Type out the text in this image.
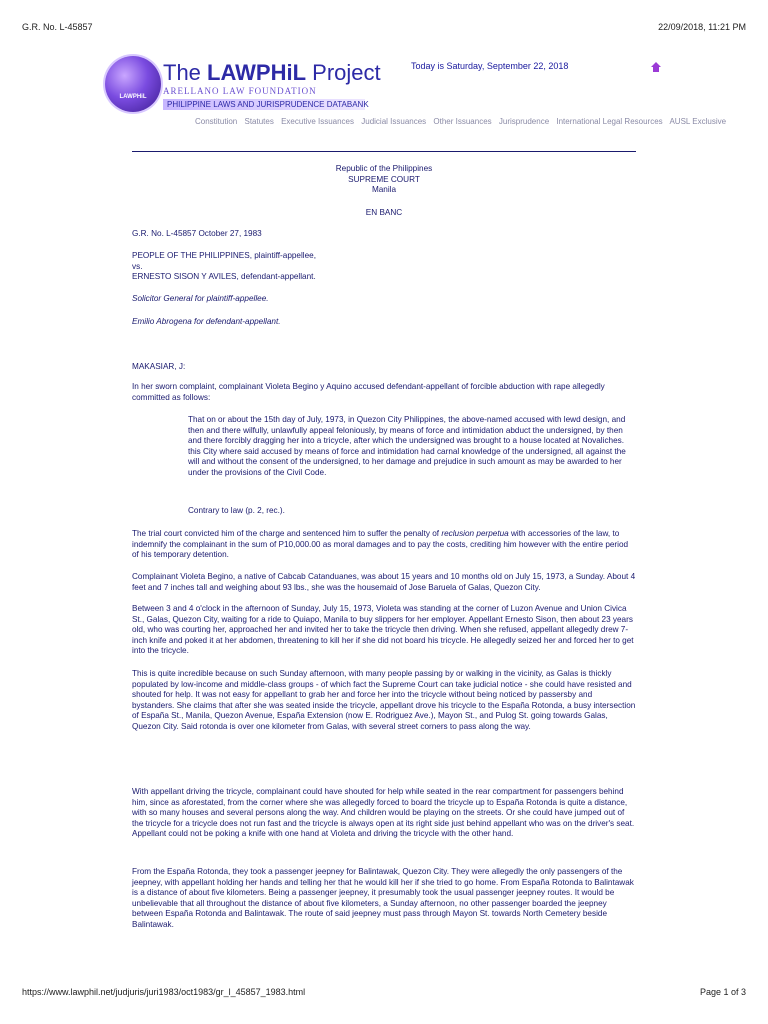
G.R. No. L-45857	22/09/2018, 11:21 PM
LAWPHiL
The LAWPHiL Project
ARELLANO LAW FOUNDATION
PHILIPPINE LAWS AND JURISPRUDENCE DATABANK
Today is Saturday, September 22, 2018
Constitution Statutes Executive Issuances Judicial Issuances Other Issuances Jurisprudence International Legal Resources AUSL Exclusive

Republic of the Philippines

SUPREME COURT

Manila

EN BANC

G.R. No. L-45857 October 27, 1983

PEOPLE OF THE PHILIPPINES, plaintiff-appellee,

vs.

ERNESTO SISON Y AVILES, defendant-appellant.

Solicitor General for plaintiff-appellee.

Emilio Abrogena for defendant-appellant.

MAKASIAR, J:

In her sworn complaint, complainant Violeta Begino y Aquino accused defendant-appellant of forcible abduction with rape allegedly committed as follows:

That on or about the 15th day of July, 1973, in Quezon City Philippines, the above-named accused with lewd design, and then and there wilfully, unlawfully appeal feloniously, by means of force and intimidation abduct the undersigned, by then and there forcibly dragging her into a tricycle, after which the undersigned was brought to a house located at Novaliches. this City where said accused by means of force and intimidation had carnal knowledge of the undersigned, all against the will and without the consent of the undersigned, to her damage and prejudice in such amount as may be awarded to her under the provisions of the Civil Code.

Contrary to law (p. 2, rec.).

The trial court convicted him of the charge and sentenced him to suffer the penalty of reclusion perpetua with accessories of the law, to indemnify the complainant in the sum of P10,000.00 as moral damages and to pay the costs, crediting him however with the entire period of his temporary detention.

Complainant Violeta Begino, a native of Cabcab Catanduanes, was about 15 years and 10 months old on July 15, 1973, a Sunday. About 4 feet and 7 inches tall and weighing about 93 lbs., she was the housemaid of Jose Baruela of Galas, Quezon City.

Between 3 and 4 o'clock in the afternoon of Sunday, July 15, 1973, Violeta was standing at the corner of Luzon Avenue and Union Civica St., Galas, Quezon City, waiting for a ride to Quiapo, Manila to buy slippers for her employer. Appellant Ernesto Sison, then about 23 years old, who was courting her, approached her and invited her to take the tricycle then driving. When she refused, appellant allegedly drew 7-inch knife and poked it at her abdomen, threatening to kill her if she did not board his tricycle. He allegedly seized her and forced her to get into the tricycle.

This is quite incredible because on such Sunday afternoon, with many people passing by or walking in the vicinity, as Galas is thickly populated by low-income and middle-class groups - of which fact the Supreme Court can take judicial notice - she could have resisted and shouted for help. It was not easy for appellant to grab her and force her into the tricycle without being noticed by passersby and bystanders. She claims that after she was seated inside the tricycle, appellant drove his tricycle to the España Rotonda, a busy intersection of España St., Manila, Quezon Avenue, España Extension (now E. Rodriguez Ave.), Mayon St., and Pulog St. going towards Galas, Quezon City. Said rotonda is over one kilometer from Galas, with several street corners to pass along the way.

With appellant driving the tricycle, complainant could have shouted for help while seated in the rear compartment for passengers behind him, since as aforestated, from the corner where she was allegedly forced to board the tricycle up to España Rotonda is quite a distance, with so many houses and several persons along the way. And children would be playing on the streets. Or she could have jumped out of the tricycle for a tricycle does not run fast and the tricycle is always open at its right side just behind appellant who was on the driver's seat. Appellant could not be poking a knife with one hand at Violeta and driving the tricycle with the other hand.

From the España Rotonda, they took a passenger jeepney for Balintawak, Quezon City. They were allegedly the only passengers of the jeepney, with appellant holding her hands and telling her that he would kill her if she tried to go home. From España Rotonda to Balintawak is a distance of about five kilometers. Being a passenger jeepney, it presumably took the usual passenger jeepney routes. It would be unbelievable that all throughout the distance of about five kilometers, a Sunday afternoon, no other passenger boarded the jeepney between España Rotonda and Balintawak. The route of said jeepney must pass through Mayon St. towards North Cemetery beside Balintawak.

https://www.lawphil.net/judjuris/juri1983/oct1983/gr_l_45857_1983.html	Page 1 of 3
